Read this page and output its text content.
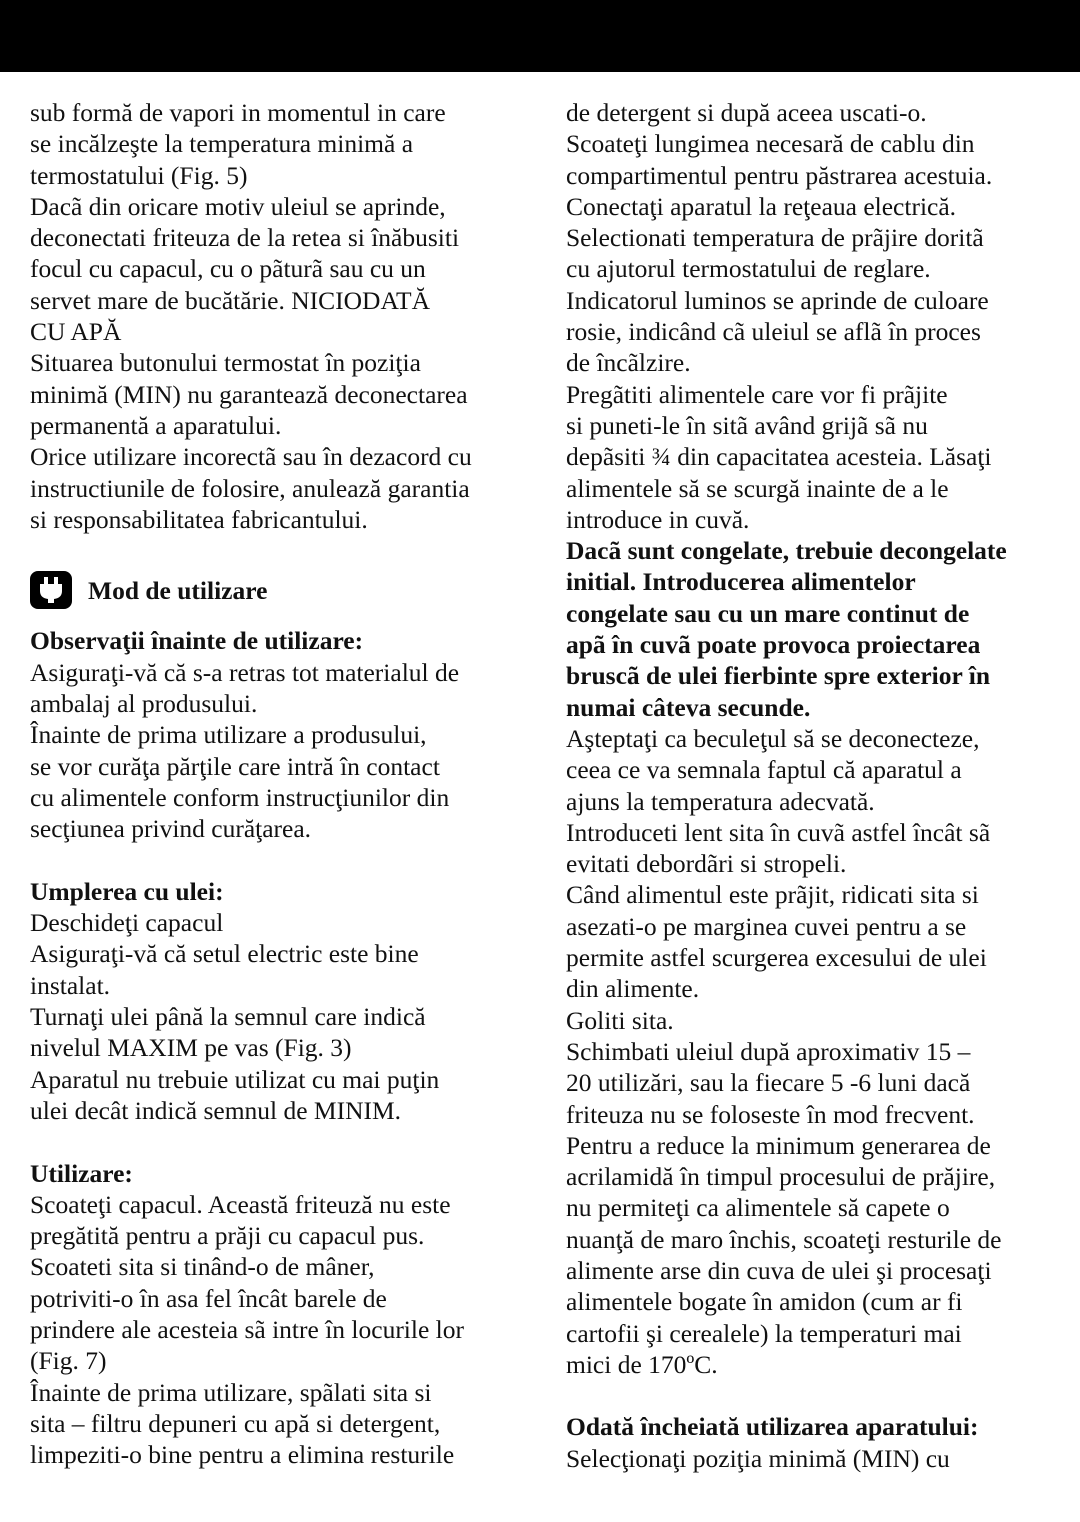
sub formă de vapori in momentul in care
se incălzeşte la temperatura minimă a
termostatului (Fig. 5)
Dacã din oricare motiv uleiul se aprinde,
deconectati friteuza de la retea si înăbusiti
focul cu capacul, cu o pãturã sau cu un
servet mare de bucătărie. NICIODATĂ
CU APĂ
Situarea butonului termostat în poziţia
minimă (MIN) nu garantează deconectarea
permanentă a aparatului.
Orice utilizare incorectã sau în dezacord cu
instructiunile de folosire, anulează garantia
si responsabilitatea fabricantului.
Mod de utilizare
Observaţii înainte de utilizare:
Asiguraţi-vă că s-a retras tot materialul de
ambalaj al produsului.
Înainte de prima utilizare a produsului,
se vor curăţa părţile care intră în contact
cu alimentele conform instrucţiunilor din
secţiunea privind curăţarea.
Umplerea cu ulei:
Deschideţi capacul
Asiguraţi-vă că setul electric este bine
instalat.
Turnaţi ulei până la semnul care indică
nivelul MAXIM pe vas (Fig. 3)
Aparatul nu trebuie utilizat cu mai puţin
ulei decât indică semnul de MINIM.
Utilizare:
Scoateţi capacul. Această friteuză nu este
pregătită pentru a prăji cu capacul pus.
Scoateti sita si tinând-o de mâner,
potriviti-o în asa fel încât barele de
prindere ale acesteia sã intre în locurile lor
(Fig. 7)
Înainte de prima utilizare, spãlati sita si
sita – filtru depuneri cu apă si detergent,
limpeziti-o bine pentru a elimina resturile
de detergent si după aceea uscati-o.
Scoateţi lungimea necesară de cablu din
compartimentul pentru păstrarea acestuia.
Conectaţi aparatul la reţeaua electrică.
Selectionati temperatura de prãjire doritã
cu ajutorul termostatului de reglare.
Indicatorul luminos se aprinde de culoare
rosie, indicând cã uleiul se aflã în proces
de încãlzire.
Pregãtiti alimentele care vor fi prãjite
si puneti-le în sitã având grijã sã nu
depãsiti ¾ din capacitatea acesteia. Lăsaţi
alimentele să se scurgă inainte de a le
introduce in cuvă.
Dacã sunt congelate, trebuie decongelate
initial. Introducerea alimentelor
congelate sau cu un mare continut de
apã în cuvã poate provoca proiectarea
bruscã de ulei fierbinte spre exterior în
numai câteva secunde.
Aşteptaţi ca beculeţul să se deconecteze,
ceea ce va semnala faptul că aparatul a
ajuns la temperatura adecvată.
Introduceti lent sita în cuvã astfel încât sã
evitati debordãri si stropeli.
Când alimentul este prãjit, ridicati sita si
asezati-o pe marginea cuvei pentru a se
permite astfel scurgerea excesului de ulei
din alimente.
Goliti sita.
Schimbati uleiul după aproximativ 15 –
20 utilizări, sau la fiecare 5 -6 luni dacă
friteuza nu se foloseste în mod frecvent.
Pentru a reduce la minimum generarea de
acrilamidă în timpul procesului de prăjire,
nu permiteţi ca alimentele să capete o
nuanţă de maro închis, scoateţi resturile de
alimente arse din cuva de ulei şi procesaţi
alimentele bogate în amidon (cum ar fi
cartofii şi cerealele) la temperaturi mai
mici de 170ºC.
Odată încheiată utilizarea aparatului:
Selecţionaţi poziţia minimă (MIN) cu
